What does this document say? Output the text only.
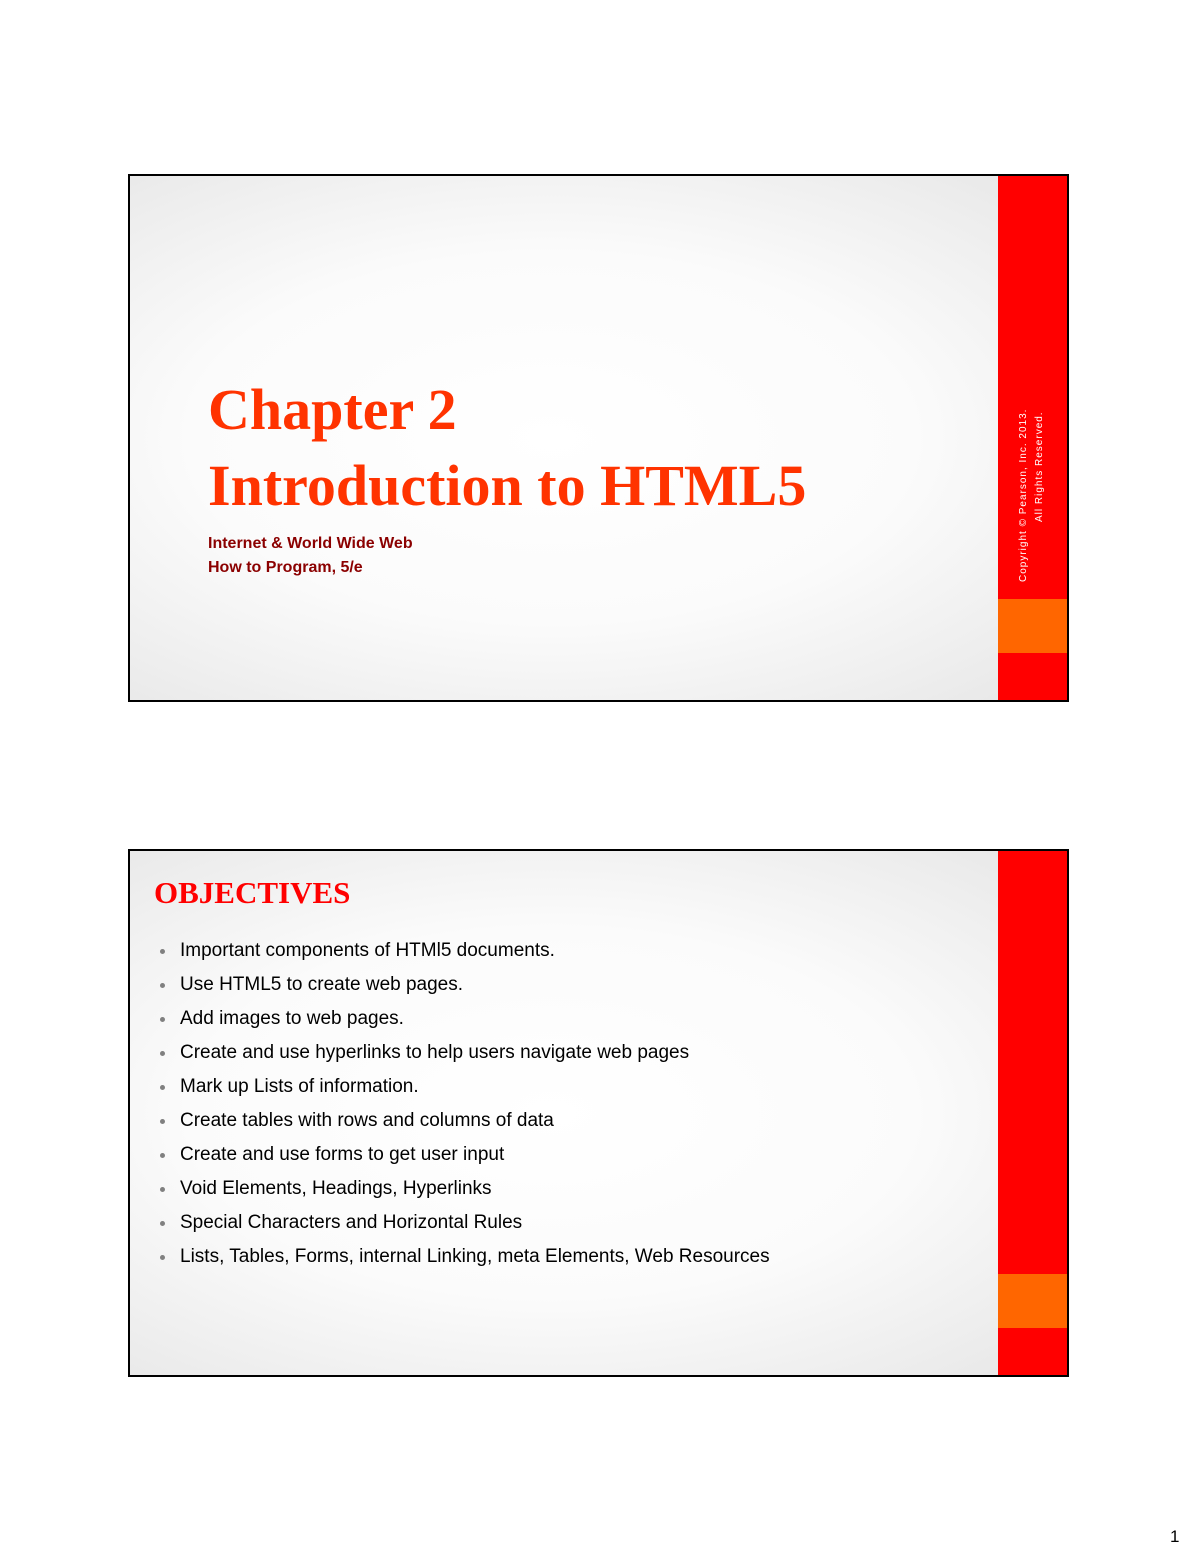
Chapter 2
Introduction to HTML5
Internet & World Wide Web
How to Program, 5/e	Copyright © Pearson, Inc. 2013. All Rights Reserved.
OBJECTIVES
Important components of HTMl5 documents.
Use HTML5 to create web pages.
Add images to web pages.
Create and use hyperlinks to help users navigate web pages
Mark up Lists of information.
Create tables with rows and columns of data
Create and use forms to get user input
Void Elements, Headings, Hyperlinks
Special Characters and Horizontal Rules
Lists, Tables, Forms, internal Linking, meta Elements, Web Resources
1
